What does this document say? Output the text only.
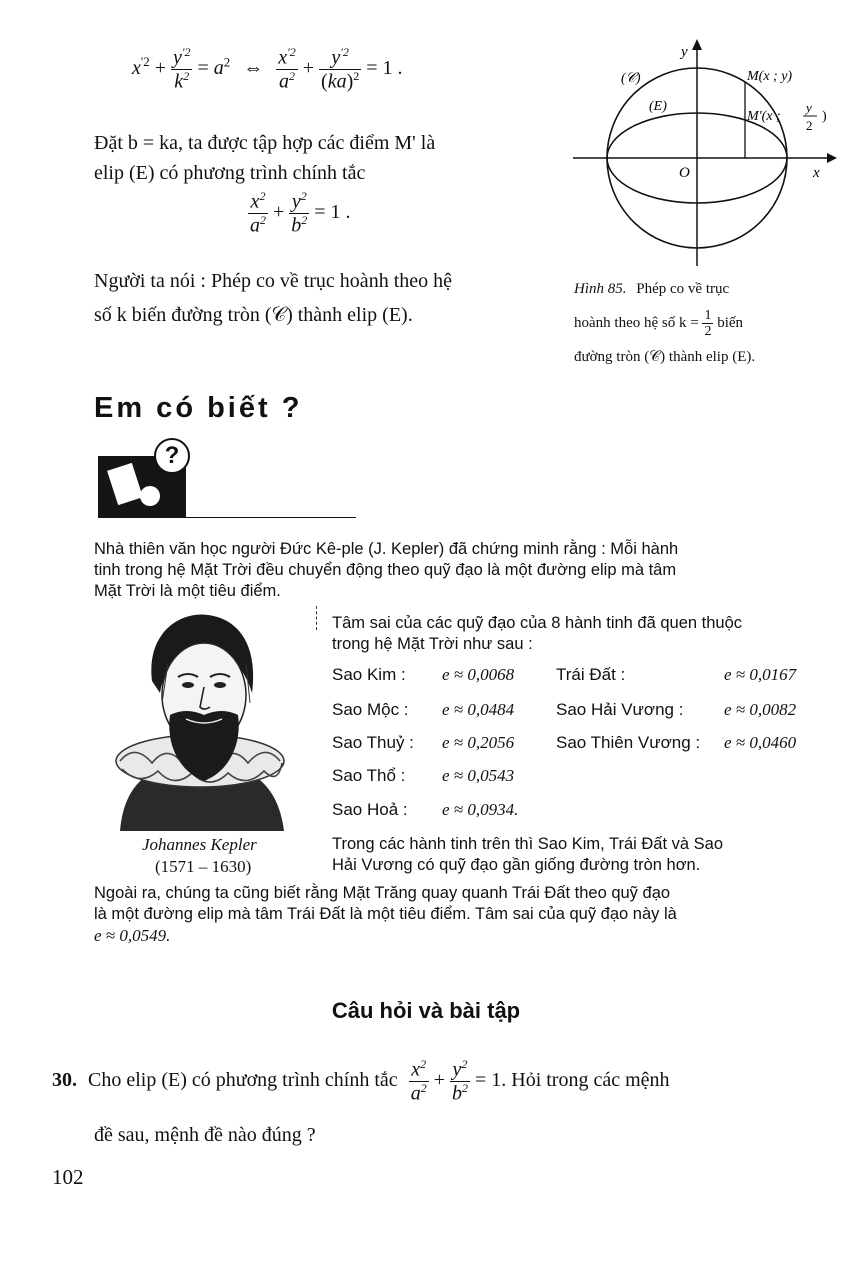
$x^{'2} + \frac{y^{'2}}{k^2} = a^2$ ⇔ $\frac{x^{'2}}{a^2} + \frac{y^{'2}}{(ka)^2} = 1$ .
Đặt b = ka, ta được tập hợp các điểm M' là
elip (E) có phương trình chính tắc
$\frac{x^2}{a^2} + \frac{y^2}{b^2} = 1$ .
Người ta nói : Phép co về trục hoành theo hệ
số k biến đường tròn (𝒞) thành elip (E).
y
x
O
(𝒞)
(E)
M(x ; y)
M'(x ;
y
2
)
Hình 85. Phép co về trục
hoành theo hệ số $k = \frac{1}{2}$ biến
đường tròn (𝒞) thành elip (E).
Em có biết ?
?
Nhà thiên văn học người Đức Kê-ple (J. Kepler) đã chứng minh rằng : Mỗi hành
tinh trong hệ Mặt Trời đều chuyển động theo quỹ đạo là một đường elip mà tâm
Mặt Trời là một tiêu điểm.
Johannes Kepler
(1571 – 1630)
Tâm sai của các quỹ đạo của 8 hành tinh đã quen thuộc
trong hệ Mặt Trời như sau :
Sao Kim : e ≈ 0,0068
Sao Mộc : e ≈ 0,0484
Sao Thuỷ : e ≈ 0,2056
Sao Thổ : e ≈ 0,0543
Sao Hoả : e ≈ 0,0934.
Trái Đất :	e ≈ 0,0167
Sao Hải Vương : e ≈ 0,0082
Sao Thiên Vương : e ≈ 0,0460
Trong các hành tinh trên thì Sao Kim, Trái Đất và Sao
Hải Vương có quỹ đạo gần giống đường tròn hơn.
Ngoài ra, chúng ta cũng biết rằng Mặt Trăng quay quanh Trái Đất theo quỹ đạo
là một đường elip mà tâm Trái Đất là một tiêu điểm. Tâm sai của quỹ đạo này là
e ≈ 0,0549.
Câu hỏi và bài tập
30. Cho elip (E) có phương trình chính tắc $\frac{x^2}{a^2} + \frac{y^2}{b^2} = 1$. Hỏi trong các mệnh
đề sau, mệnh đề nào đúng ?
102
